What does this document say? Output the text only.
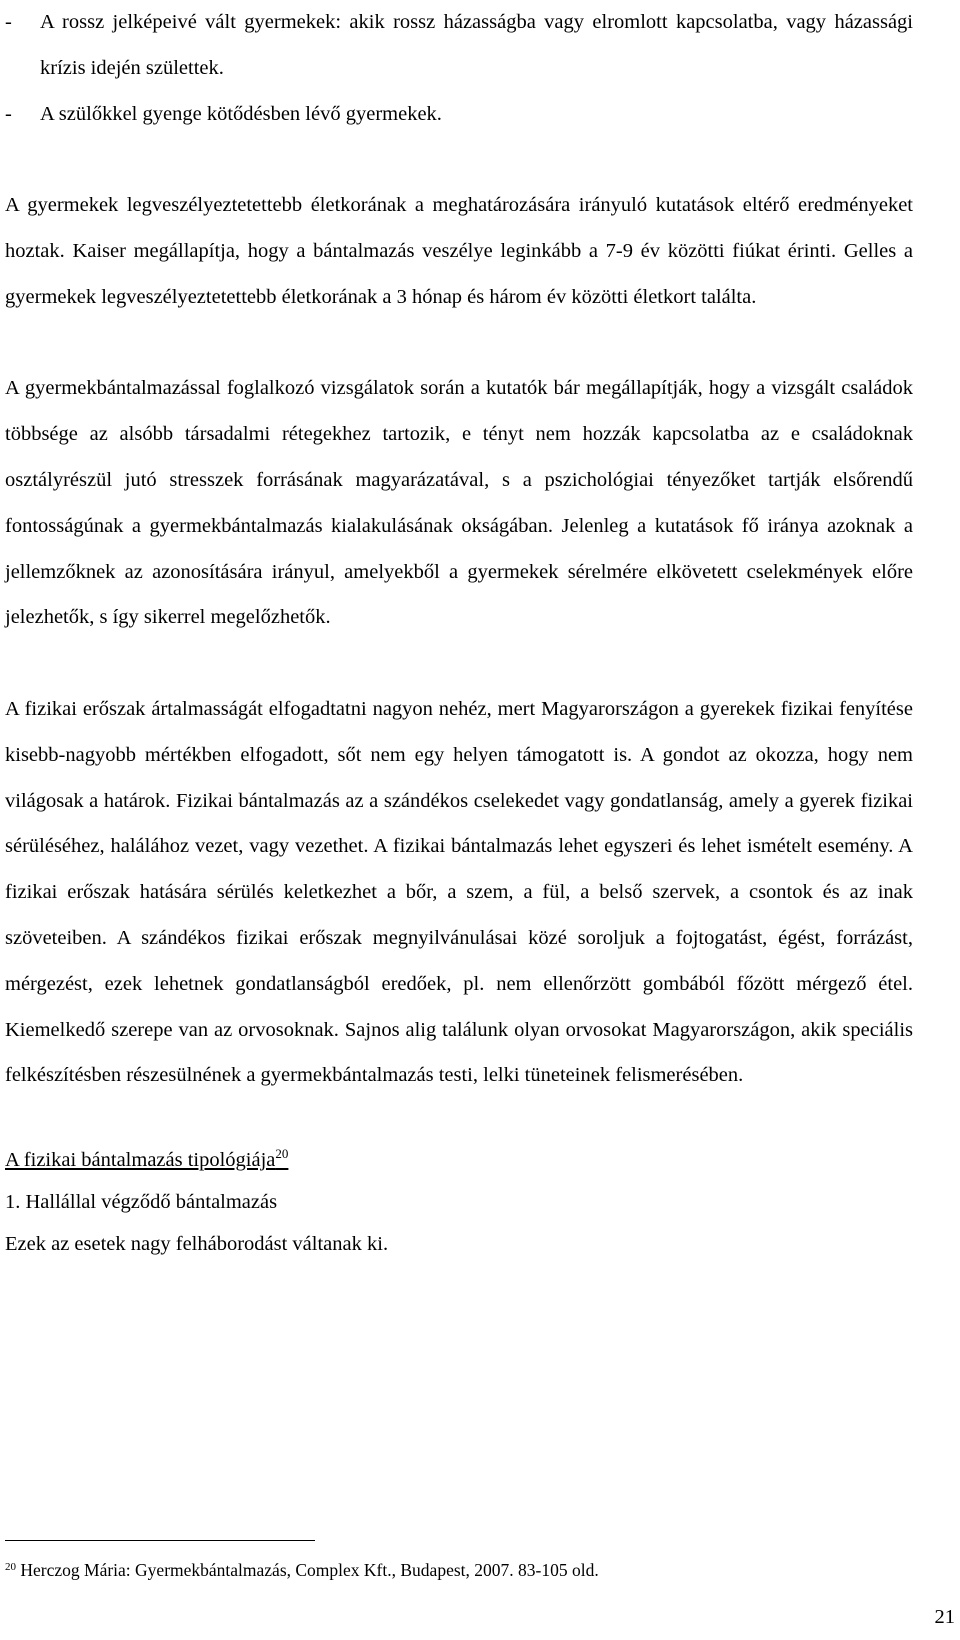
-	A rossz jelképeivé vált gyermekek: akik rossz házasságba vagy elromlott kapcsolatba, vagy házassági krízis idején születtek.
-	A szülőkkel gyenge kötődésben lévő gyermekek.

A gyermekek legveszélyeztetettebb életkorának a meghatározására irányuló kutatások eltérő eredményeket hoztak. Kaiser megállapítja, hogy a bántalmazás veszélye leginkább a 7-9 év közötti fiúkat érinti. Gelles a gyermekek legveszélyeztetettebb életkorának a 3 hónap és három év közötti életkort találta.

A gyermekbántalmazással foglalkozó vizsgálatok során a kutatók bár megállapítják, hogy a vizsgált családok többsége az alsóbb társadalmi rétegekhez tartozik, e tényt nem hozzák kapcsolatba az e családoknak osztályrészül jutó stresszek forrásának magyarázatával, s a pszichológiai tényezőket tartják elsőrendű fontosságúnak a gyermekbántalmazás kialakulásának okságában. Jelenleg a kutatások fő iránya azoknak a jellemzőknek az azonosítására irányul, amelyekből a gyermekek sérelmére elkövetett cselekmények előre jelezhetők, s így sikerrel megelőzhetők.

A fizikai erőszak ártalmasságát elfogadtatni nagyon nehéz, mert Magyarországon a gyerekek fizikai fenyítése kisebb-nagyobb mértékben elfogadott, sőt nem egy helyen támogatott is. A gondot az okozza, hogy nem világosak a határok. Fizikai bántalmazás az a szándékos cselekedet vagy gondatlanság, amely a gyerek fizikai sérüléséhez, halálához vezet, vagy vezethet. A fizikai bántalmazás lehet egyszeri és lehet ismételt esemény. A fizikai erőszak hatására sérülés keletkezhet a bőr, a szem, a fül, a belső szervek, a csontok és az inak szöveteiben. A szándékos fizikai erőszak megnyilvánulásai közé soroljuk a fojtogatást, égést, forrázást, mérgezést, ezek lehetnek gondatlanságból eredőek, pl. nem ellenőrzött gombából főzött mérgező étel. Kiemelkedő szerepe van az orvosoknak. Sajnos alig találunk olyan orvosokat Magyarországon, akik speciális felkészítésben részesülnének a gyermekbántalmazás testi, lelki tüneteinek felismerésében.

A fizikai bántalmazás tipológiája$^{20}$

1. Hallállal végződő bántalmazás

Ezek az esetek nagy felháborodást váltanak ki.

$^{20}$ Herczog Mária: Gyermekbántalmazás, Complex Kft., Budapest, 2007. 83-105 old.
21
